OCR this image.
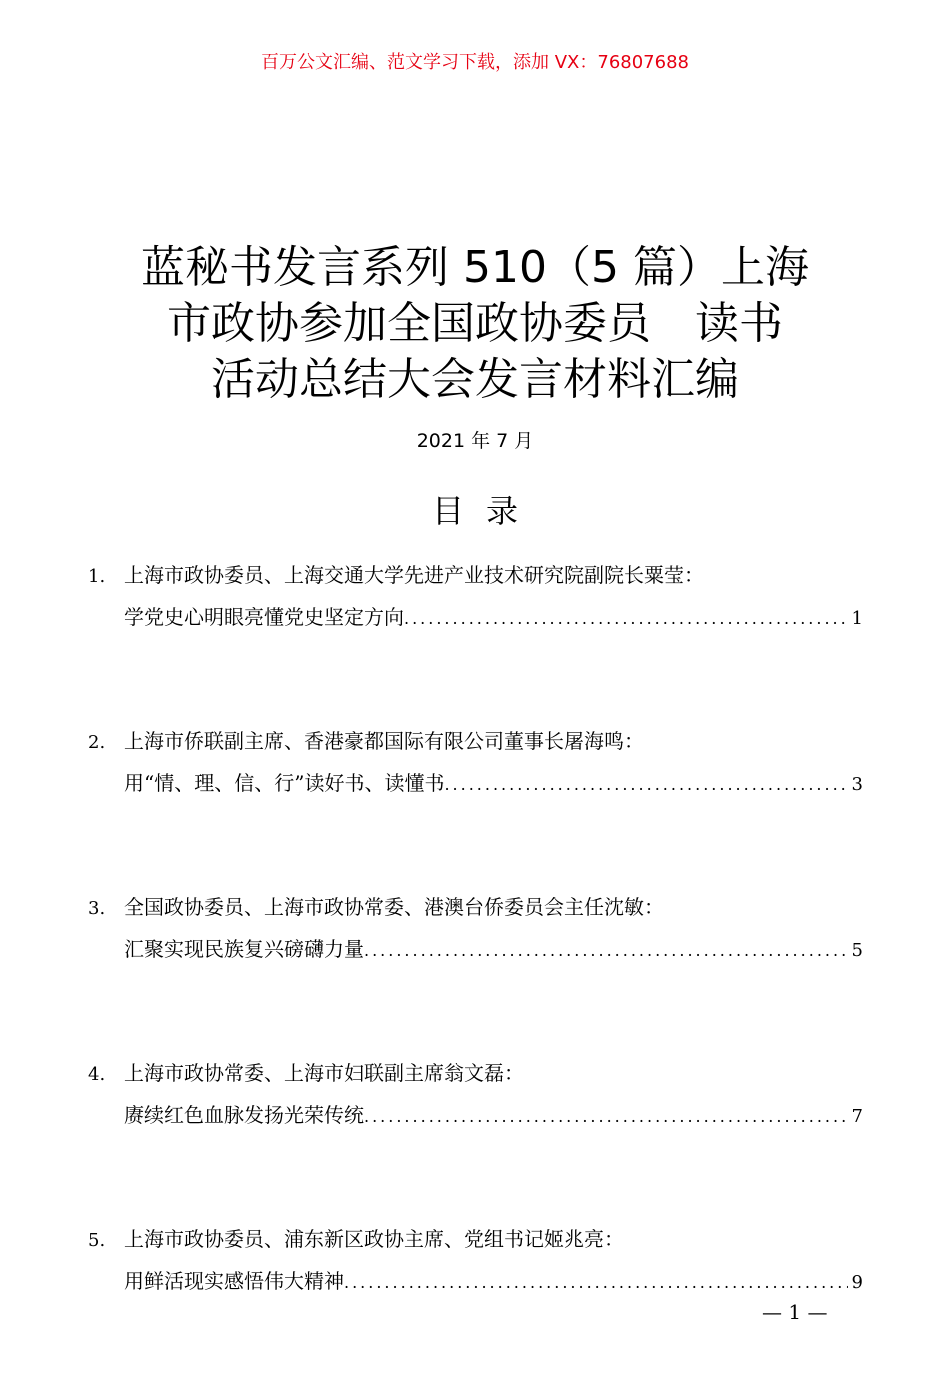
百万公文汇编、范文学习下载，添加 VX：76807688
蓝秘书发言系列 510（5 篇）上海
市政协参加全国政协委员　读书
活动总结大会发言材料汇编
2021 年 7 月
目录
1. 上海市政协委员、上海交通大学先进产业技术研究院副院长粟莹：
学党史心明眼亮懂党史坚定方向 .....	1
2. 上海市侨联副主席、香港豪都国际有限公司董事长屠海鸣：
用“情、理、信、行”读好书、读懂书 .....	3
3. 全国政协委员、上海市政协常委、港澳台侨委员会主任沈敏：
汇聚实现民族复兴磅礴力量 .....	5
4. 上海市政协常委、上海市妇联副主席翁文磊：
赓续红色血脉发扬光荣传统 .....	7
5. 上海市政协委员、浦东新区政协主席、党组书记姬兆亮：
用鲜活现实感悟伟大精神 .....	9
— 1 —
